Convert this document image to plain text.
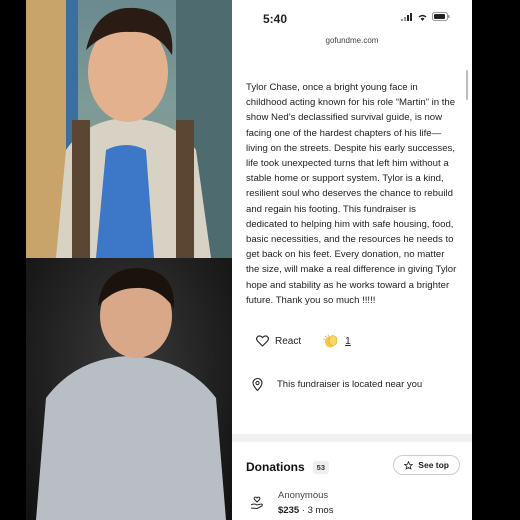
5:40
gofundme.com

Tylor Chase, once a bright young face in childhood acting known for his role “Martin” in the show Ned’s declassified survival guide, is now facing one of the hardest chapters of his life—living on the streets. Despite his early successes, life took unexpected turns that left him without a stable home or support system. Tylor is a kind, resilient soul who deserves the chance to rebuild and regain his footing. This fundraiser is dedicated to helping him with safe housing, food, basic necessities, and the resources he needs to get back on his feet. Every donation, no matter the size, will make a real difference in giving Tylor hope and stability as he works toward a brighter future. Thank you so much !!!!!

React	1
This fundraiser is located near you
Donations	53	See top
Anonymous
$235 · 3 mos
